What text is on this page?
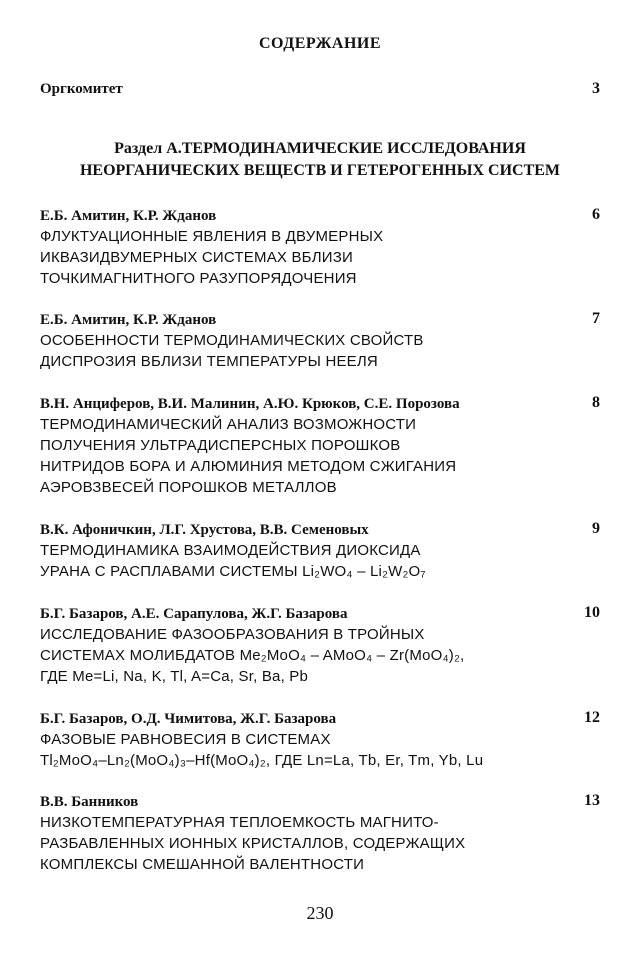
СОДЕРЖАНИЕ
Оргкомитет	3
Раздел А.ТЕРМОДИНАМИЧЕСКИЕ ИССЛЕДОВАНИЯ
НЕОРГАНИЧЕСКИХ ВЕЩЕСТВ И ГЕТЕРОГЕННЫХ СИСТЕМ
Е.Б. Амитин, К.Р. Жданов	6
ФЛУКТУАЦИОННЫЕ ЯВЛЕНИЯ В ДВУМЕРНЫХ
ИКВАЗИДВУМЕРНЫХ СИСТЕМАХ ВБЛИЗИ
ТОЧКИМАГНИТНОГО РАЗУПОРЯДОЧЕНИЯ
Е.Б. Амитин, К.Р. Жданов	7
ОСОБЕННОСТИ ТЕРМОДИНАМИЧЕСКИХ СВОЙСТВ
ДИСПРОЗИЯ ВБЛИЗИ ТЕМПЕРАТУРЫ НЕЕЛЯ
В.Н. Анциферов, В.И. Малинин, А.Ю. Крюков, С.Е. Порозова	8
ТЕРМОДИНАМИЧЕСКИЙ АНАЛИЗ ВОЗМОЖНОСТИ
ПОЛУЧЕНИЯ УЛЬТРАДИСПЕРСНЫХ ПОРОШКОВ
НИТРИДОВ БОРА И АЛЮМИНИЯ МЕТОДОМ СЖИГАНИЯ
АЭРОВЗВЕСЕЙ ПОРОШКОВ МЕТАЛЛОВ
В.К. Афоничкин, Л.Г. Хрустова, В.В. Семеновых	9
ТЕРМОДИНАМИКА ВЗАИМОДЕЙСТВИЯ ДИОКСИДА
УРАНА С РАСПЛАВАМИ СИСТЕМЫ Li₂WO₄ – Li₂W₂O₇
Б.Г. Базаров, А.Е. Сарапулова, Ж.Г. Базарова	10
ИССЛЕДОВАНИЕ ФАЗООБРАЗОВАНИЯ В ТРОЙНЫХ
СИСТЕМАХ МОЛИБДАТОВ Me₂MoO₄ – AMoO₄ – Zr(MoO₄)₂,
ГДЕ Me=Li, Na, K, Tl, A=Ca, Sr, Ba, Pb
Б.Г. Базаров, О.Д. Чимитова, Ж.Г. Базарова	12
ФАЗОВЫЕ РАВНОВЕСИЯ В СИСТЕМАХ
Tl₂MoO₄–Ln₂(MoO₄)₃–Hf(MoO₄)₂, ГДЕ Ln=La, Tb, Er, Tm, Yb, Lu
В.В. Банников	13
НИЗКОТЕМПЕРАТУРНАЯ ТЕПЛОЕМКОСТЬ МАГНИТО-
РАЗБАВЛЕННЫХ ИОННЫХ КРИСТАЛЛОВ, СОДЕРЖАЩИХ
КОМПЛЕКСЫ СМЕШАННОЙ ВАЛЕНТНОСТИ
230
